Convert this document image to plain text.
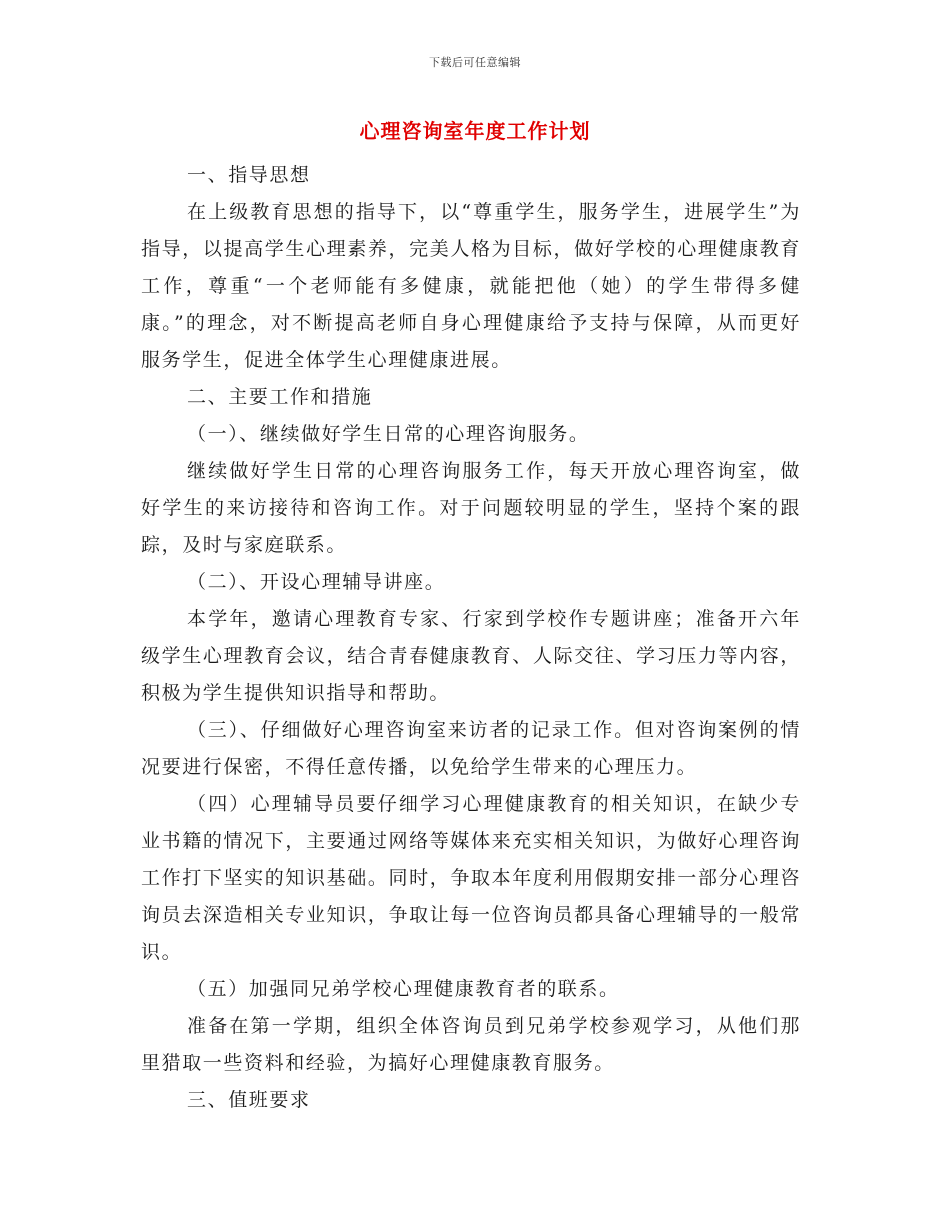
下载后可任意编辑
心理咨询室年度工作计划

一、指导思想

在上级教育思想的指导下，以“尊重学生，服务学生，进展学生”为指导，以提高学生心理素养，完美人格为目标，做好学校的心理健康教育工作，尊重“一个老师能有多健康，就能把他（她）的学生带得多健康。”的理念，对不断提高老师自身心理健康给予支持与保障，从而更好服务学生，促进全体学生心理健康进展。

二、主要工作和措施

（一）、继续做好学生日常的心理咨询服务。

继续做好学生日常的心理咨询服务工作，每天开放心理咨询室，做好学生的来访接待和咨询工作。对于问题较明显的学生，坚持个案的跟踪，及时与家庭联系。

（二）、开设心理辅导讲座。

本学年，邀请心理教育专家、行家到学校作专题讲座；准备开六年级学生心理教育会议，结合青春健康教育、人际交往、学习压力等内容，积极为学生提供知识指导和帮助。

（三）、仔细做好心理咨询室来访者的记录工作。但对咨询案例的情况要进行保密，不得任意传播，以免给学生带来的心理压力。

（四）心理辅导员要仔细学习心理健康教育的相关知识，在缺少专业书籍的情况下，主要通过网络等媒体来充实相关知识，为做好心理咨询工作打下坚实的知识基础。同时，争取本年度利用假期安排一部分心理咨询员去深造相关专业知识，争取让每一位咨询员都具备心理辅导的一般常识。

（五）加强同兄弟学校心理健康教育者的联系。

准备在第一学期，组织全体咨询员到兄弟学校参观学习，从他们那里猎取一些资料和经验，为搞好心理健康教育服务。

三、值班要求
